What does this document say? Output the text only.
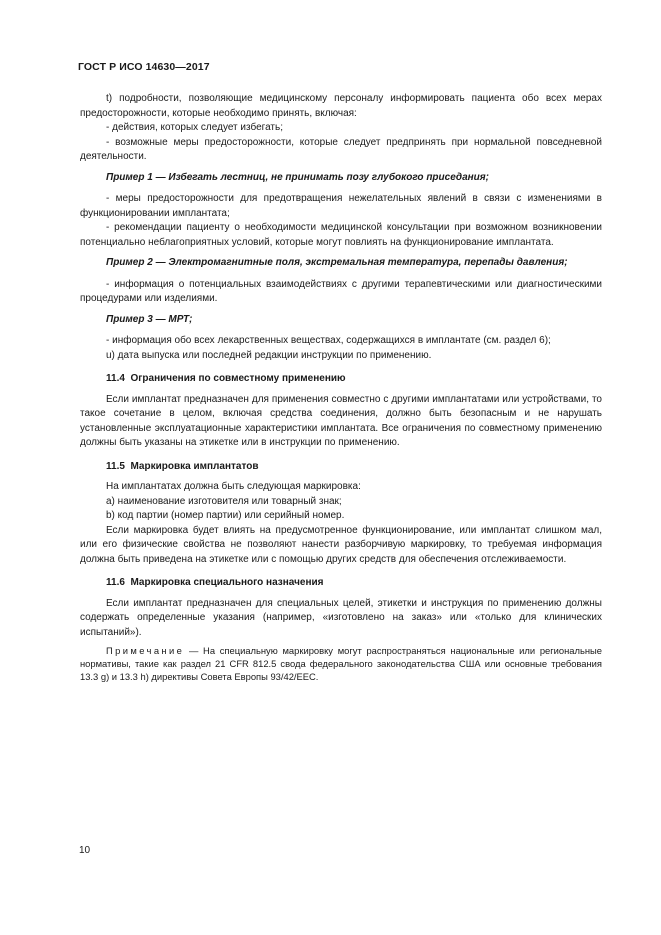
ГОСТ Р ИСО 14630—2017

t) подробности, позволяющие медицинскому персоналу информировать пациента обо всех мерах предосторожности, которые необходимо принять, включая:

- действия, которых следует избегать;

- возможные меры предосторожности, которые следует предпринять при нормальной повседневной деятельности.

Пример 1 — Избегать лестниц, не принимать позу глубокого приседания;

- меры предосторожности для предотвращения нежелательных явлений в связи с изменениями в функционировании имплантата;

- рекомендации пациенту о необходимости медицинской консультации при возможном возникновении потенциально неблагоприятных условий, которые могут повлиять на функционирование имплантата.

Пример 2 — Электромагнитные поля, экстремальная температура, перепады давления;

- информация о потенциальных взаимодействиях с другими терапевтическими или диагностическими процедурами или изделиями.

Пример 3 — МРТ;

- информация обо всех лекарственных веществах, содержащихся в имплантате (см. раздел 6);

u) дата выпуска или последней редакции инструкции по применению.

11.4 Ограничения по совместному применению

Если имплантат предназначен для применения совместно с другими имплантатами или устройствами, то такое сочетание в целом, включая средства соединения, должно быть безопасным и не нарушать установленные эксплуатационные характеристики имплантата. Все ограничения по совместному применению должны быть указаны на этикетке или в инструкции по применению.

11.5 Маркировка имплантатов

На имплантатах должна быть следующая маркировка:

a) наименование изготовителя или товарный знак;

b) код партии (номер партии) или серийный номер.

Если маркировка будет влиять на предусмотренное функционирование, или имплантат слишком мал, или его физические свойства не позволяют нанести разборчивую маркировку, то требуемая информация должна быть приведена на этикетке или с помощью других средств для обеспечения отслеживаемости.

11.6 Маркировка специального назначения

Если имплантат предназначен для специальных целей, этикетки и инструкция по применению должны содержать определенные указания (например, «изготовлено на заказ» или «только для клинических испытаний»).

Примечание — На специальную маркировку могут распространяться национальные или региональные нормативы, такие как раздел 21 CFR 812.5 свода федерального законодательства США или основные требования 13.3 g) и 13.3 h) директивы Совета Европы 93/42/EEC.

10
